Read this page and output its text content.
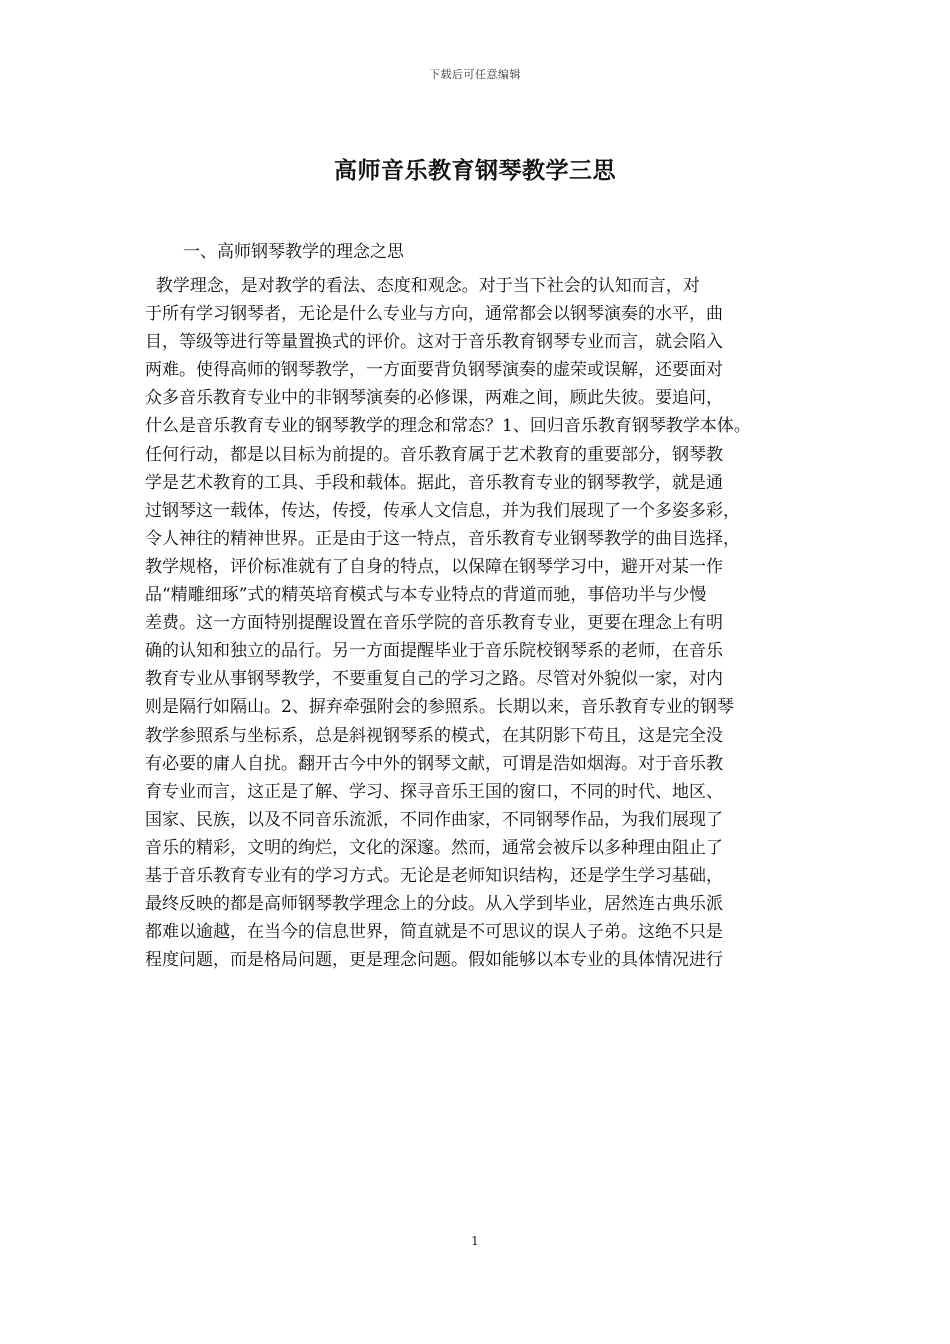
下载后可任意编辑
高师音乐教育钢琴教学三思
一、高师钢琴教学的理念之思
教学理念，是对教学的看法、态度和观念。对于当下社会的认知而言，对
于所有学习钢琴者，无论是什么专业与方向，通常都会以钢琴演奏的水平，曲
目，等级等进行等量置换式的评价。这对于音乐教育钢琴专业而言，就会陷入
两难。使得高师的钢琴教学，一方面要背负钢琴演奏的虚荣或误解，还要面对
众多音乐教育专业中的非钢琴演奏的必修课，两难之间，顾此失彼。要追问，
什么是音乐教育专业的钢琴教学的理念和常态？1、回归音乐教育钢琴教学本体。
任何行动，都是以目标为前提的。音乐教育属于艺术教育的重要部分，钢琴教
学是艺术教育的工具、手段和载体。据此，音乐教育专业的钢琴教学，就是通
过钢琴这一载体，传达，传授，传承人文信息，并为我们展现了一个多姿多彩，
令人神往的精神世界。正是由于这一特点，音乐教育专业钢琴教学的曲目选择，
教学规格，评价标准就有了自身的特点，以保障在钢琴学习中，避开对某一作
品“精雕细琢”式的精英培育模式与本专业特点的背道而驰，事倍功半与少慢
差费。这一方面特别提醒设置在音乐学院的音乐教育专业，更要在理念上有明
确的认知和独立的品行。另一方面提醒毕业于音乐院校钢琴系的老师，在音乐
教育专业从事钢琴教学，不要重复自己的学习之路。尽管对外貌似一家，对内
则是隔行如隔山。2、摒弃牵强附会的参照系。长期以来，音乐教育专业的钢琴
教学参照系与坐标系，总是斜视钢琴系的模式，在其阴影下苟且，这是完全没
有必要的庸人自扰。翻开古今中外的钢琴文献，可谓是浩如烟海。对于音乐教
育专业而言，这正是了解、学习、探寻音乐王国的窗口，不同的时代、地区、
国家、民族，以及不同音乐流派，不同作曲家，不同钢琴作品，为我们展现了
音乐的精彩，文明的绚烂，文化的深邃。然而，通常会被斥以多种理由阻止了
基于音乐教育专业有的学习方式。无论是老师知识结构，还是学生学习基础，
最终反映的都是高师钢琴教学理念上的分歧。从入学到毕业，居然连古典乐派
都难以逾越，在当今的信息世界，简直就是不可思议的误人子弟。这绝不只是
程度问题，而是格局问题，更是理念问题。假如能够以本专业的具体情况进行
1
